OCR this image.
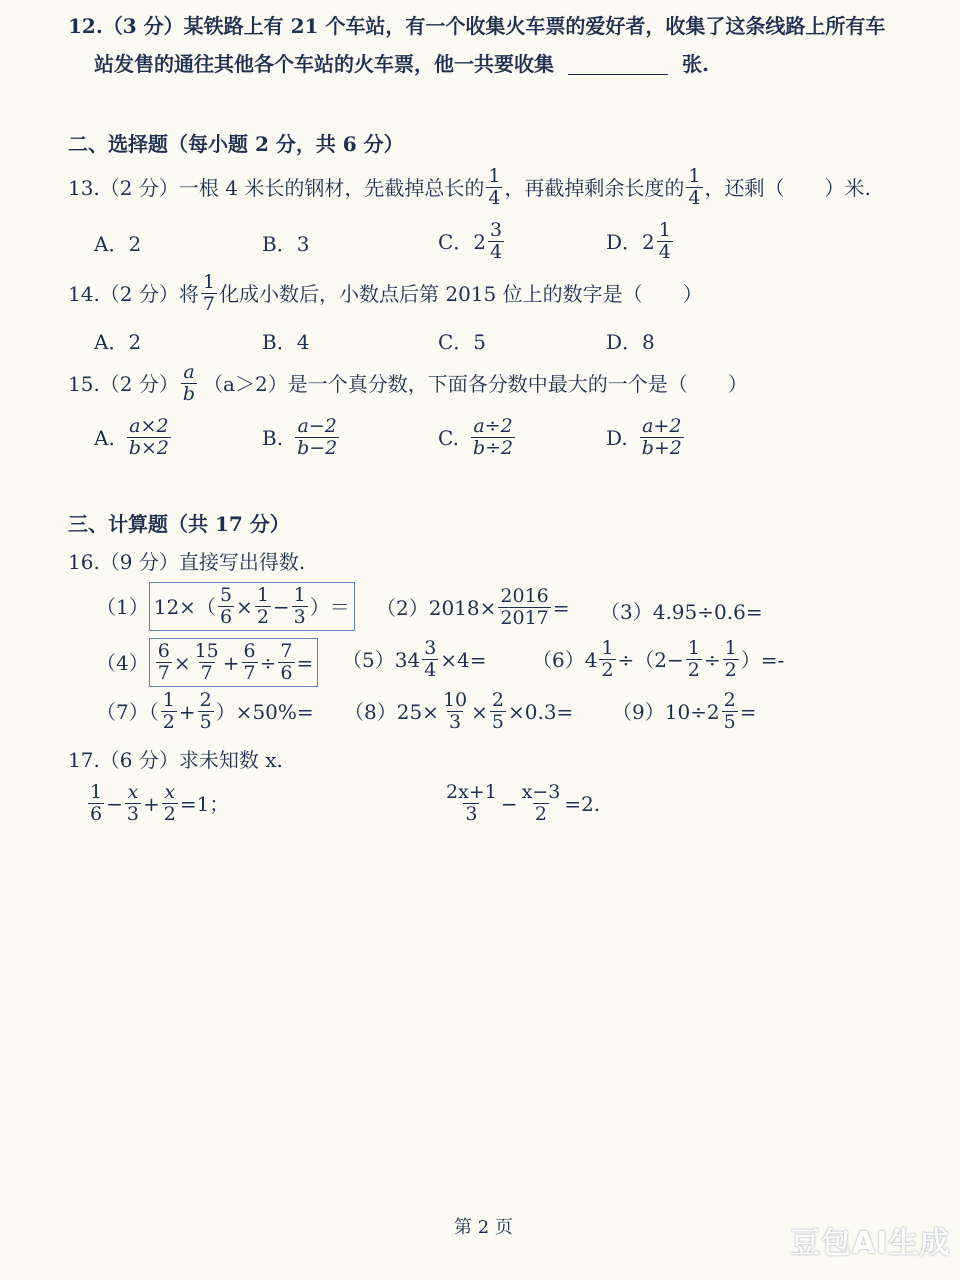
12.（3 分）某铁路上有 21 个车站，有一个收集火车票的爱好者，收集了这条线路上所有车
站发售的通往其他各个车站的火车票，他一共要收集	张.
二、选择题（每小题 2 分，共 6 分）
13.（2 分）一根 4 米长的钢材，先截掉总长的 $\frac{1}{4}$ ，再截掉剩余长度的 $\frac{1}{4}$ ，还剩（　　）米.
A．2	B．3	C．$2 \frac{3}{4}$	D．$2 \frac{1}{4}$
14.（2 分）将 $\frac{1}{7}$ 化成小数后，小数点后第 2015 位上的数字是（　　）
A．2	B．4	C．5	D．8
15.（2 分） $\frac{a}{b} (a>2)$是一个真分数，下面各分数中最大的一个是（　　）
A. $\frac{a\times 2}{b\times 2}$	B. $\frac{a-2}{b-2}$	C. $\frac{a\div 2}{b\div 2}$	D. $\frac{a+2}{b+2}$
三、计算题（共 17 分）
16.（9 分）直接写出得数.
（1） $12\times( \frac{5}{6} \times \frac{1}{2} - \frac{1}{3}$ ）＝ $(2)2018\times \frac{2016}{2017} = (3)4.95\div 0.6=$
$(4) \frac{6}{7} \times \frac{15}{7} + \frac{6}{7} \div \frac{7}{6} = (5)34 \frac{3}{4} \times 4= (6)4 \frac{1}{2} \div(2- \frac{1}{2} \div \frac{1}{2}$ ）=-
$(7)( \frac{1}{2} + \frac{2}{5} )\times 50\%= (8)25\times \frac{10}{3} \times \frac{2}{5} \times 0.3= (9)10\div 2 \frac{2}{5}$ =
17.（6 分）求未知数 x.
$\frac{1}{6} - \frac{x}{3} + \frac{x}{2} =1$；	$\frac{2x+1}{3} - \frac{x-3}{2} =2$.
第 2 页	豆包AI生成
